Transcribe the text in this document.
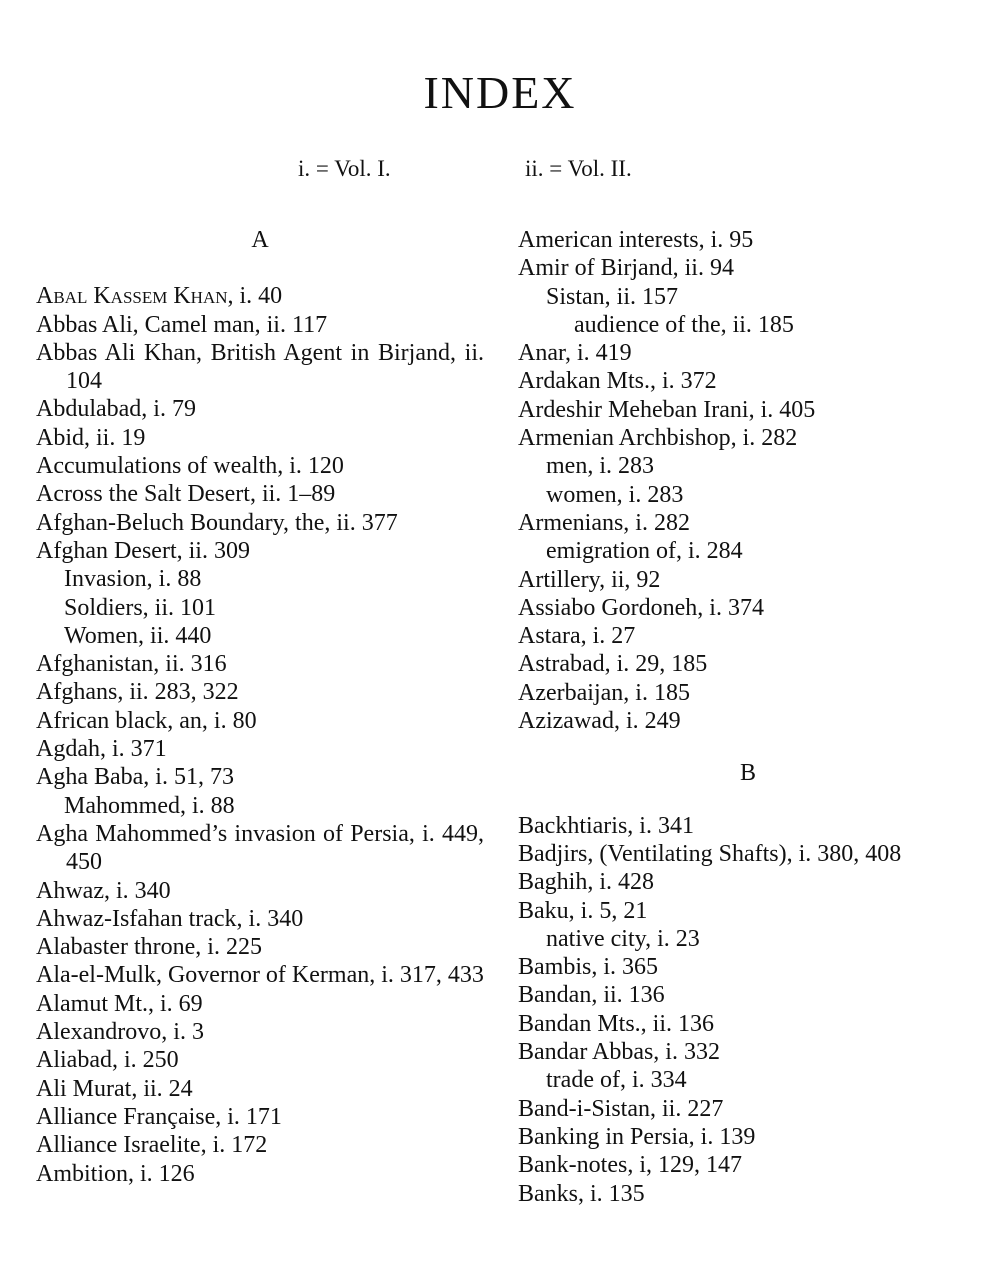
INDEX
i. = Vol. I.	ii. = Vol. II.
A
Abal Kassem Khan, i. 40
Abbas Ali, Camel man, ii. 117
Abbas Ali Khan, British Agent in Birjand, ii. 104
Abdulabad, i. 79
Abid, ii. 19
Accumulations of wealth, i. 120
Across the Salt Desert, ii. 1–89
Afghan-Beluch Boundary, the, ii. 377
Afghan Desert, ii. 309
Invasion, i. 88
Soldiers, ii. 101
Women, ii. 440
Afghanistan, ii. 316
Afghans, ii. 283, 322
African black, an, i. 80
Agdah, i. 371
Agha Baba, i. 51, 73
Mahommed, i. 88
Agha Mahommed’s invasion of Persia, i. 449, 450
Ahwaz, i. 340
Ahwaz-Isfahan track, i. 340
Alabaster throne, i. 225
Ala-el-Mulk, Governor of Kerman, i. 317, 433
Alamut Mt., i. 69
Alexandrovo, i. 3
Aliabad, i. 250
Ali Murat, ii. 24
Alliance Française, i. 171
Alliance Israelite, i. 172
Ambition, i. 126
American interests, i. 95
Amir of Birjand, ii. 94
Sistan, ii. 157
audience of the, ii. 185
Anar, i. 419
Ardakan Mts., i. 372
Ardeshir Meheban Irani, i. 405
Armenian Archbishop, i. 282
men, i. 283
women, i. 283
Armenians, i. 282
emigration of, i. 284
Artillery, ii, 92
Assiabo Gordoneh, i. 374
Astara, i. 27
Astrabad, i. 29, 185
Azerbaijan, i. 185
Azizawad, i. 249
B
Backhtiaris, i. 341
Badjirs, (Ventilating Shafts), i. 380, 408
Baghih, i. 428
Baku, i. 5, 21
native city, i. 23
Bambis, i. 365
Bandan, ii. 136
Bandan Mts., ii. 136
Bandar Abbas, i. 332
trade of, i. 334
Band-i-Sistan, ii. 227
Banking in Persia, i. 139
Bank-notes, i, 129, 147
Banks, i. 135
